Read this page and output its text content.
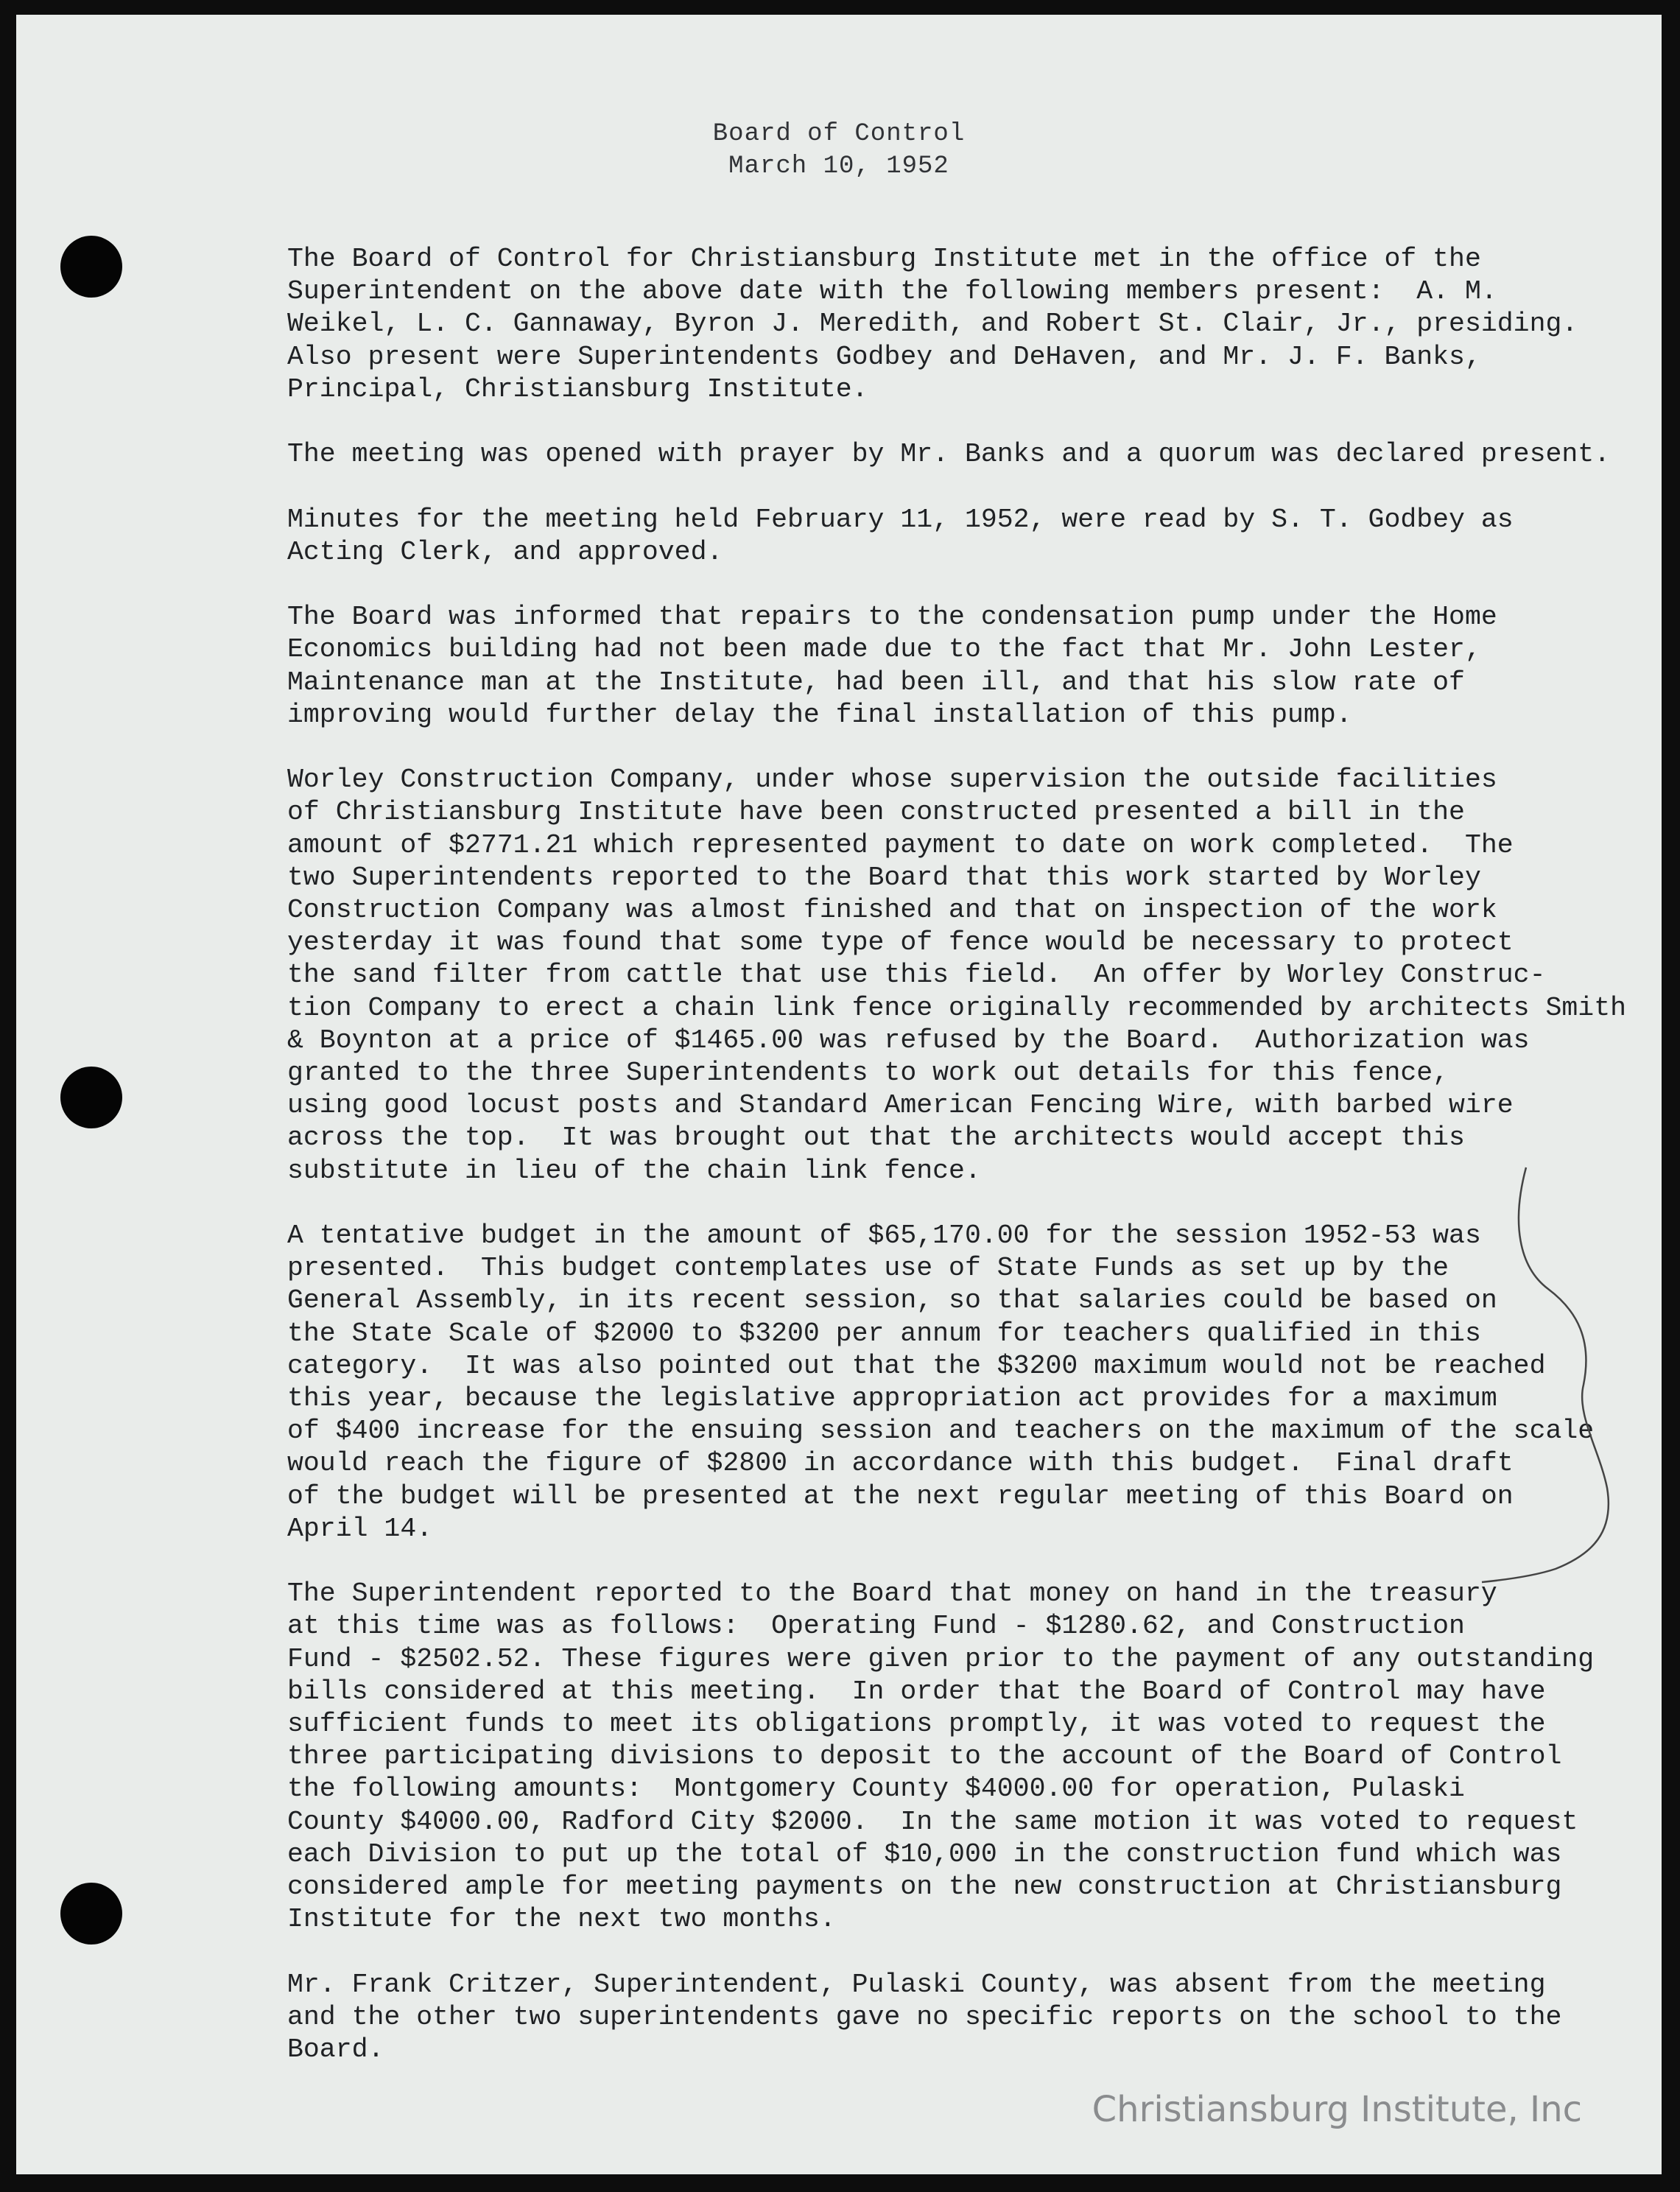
Board of Control
March 10, 1952

The Board of Control for Christiansburg Institute met in the office of the
Superintendent on the above date with the following members present:  A. M.
Weikel, L. C. Gannaway, Byron J. Meredith, and Robert St. Clair, Jr., presiding.
Also present were Superintendents Godbey and DeHaven, and Mr. J. F. Banks,
Principal, Christiansburg Institute.

The meeting was opened with prayer by Mr. Banks and a quorum was declared present.

Minutes for the meeting held February 11, 1952, were read by S. T. Godbey as
Acting Clerk, and approved.

The Board was informed that repairs to the condensation pump under the Home
Economics building had not been made due to the fact that Mr. John Lester,
Maintenance man at the Institute, had been ill, and that his slow rate of
improving would further delay the final installation of this pump.

Worley Construction Company, under whose supervision the outside facilities
of Christiansburg Institute have been constructed presented a bill in the
amount of $2771.21 which represented payment to date on work completed.  The
two Superintendents reported to the Board that this work started by Worley
Construction Company was almost finished and that on inspection of the work
yesterday it was found that some type of fence would be necessary to protect
the sand filter from cattle that use this field.  An offer by Worley Construc-
tion Company to erect a chain link fence originally recommended by architects Smith
& Boynton at a price of $1465.00 was refused by the Board.  Authorization was
granted to the three Superintendents to work out details for this fence,
using good locust posts and Standard American Fencing Wire, with barbed wire
across the top.  It was brought out that the architects would accept this
substitute in lieu of the chain link fence.

A tentative budget in the amount of $65,170.00 for the session 1952-53 was
presented.  This budget contemplates use of State Funds as set up by the
General Assembly, in its recent session, so that salaries could be based on
the State Scale of $2000 to $3200 per annum for teachers qualified in this
category.  It was also pointed out that the $3200 maximum would not be reached
this year, because the legislative appropriation act provides for a maximum
of $400 increase for the ensuing session and teachers on the maximum of the scale
would reach the figure of $2800 in accordance with this budget.  Final draft
of the budget will be presented at the next regular meeting of this Board on
April 14.

The Superintendent reported to the Board that money on hand in the treasury
at this time was as follows:  Operating Fund - $1280.62, and Construction
Fund - $2502.52. These figures were given prior to the payment of any outstanding
bills considered at this meeting.  In order that the Board of Control may have
sufficient funds to meet its obligations promptly, it was voted to request the
three participating divisions to deposit to the account of the Board of Control
the following amounts:  Montgomery County $4000.00 for operation, Pulaski
County $4000.00, Radford City $2000.  In the same motion it was voted to request
each Division to put up the total of $10,000 in the construction fund which was
considered ample for meeting payments on the new construction at Christiansburg
Institute for the next two months.

Mr. Frank Critzer, Superintendent, Pulaski County, was absent from the meeting
and the other two superintendents gave no specific reports on the school to the
Board.

Christiansburg Institute, Inc
